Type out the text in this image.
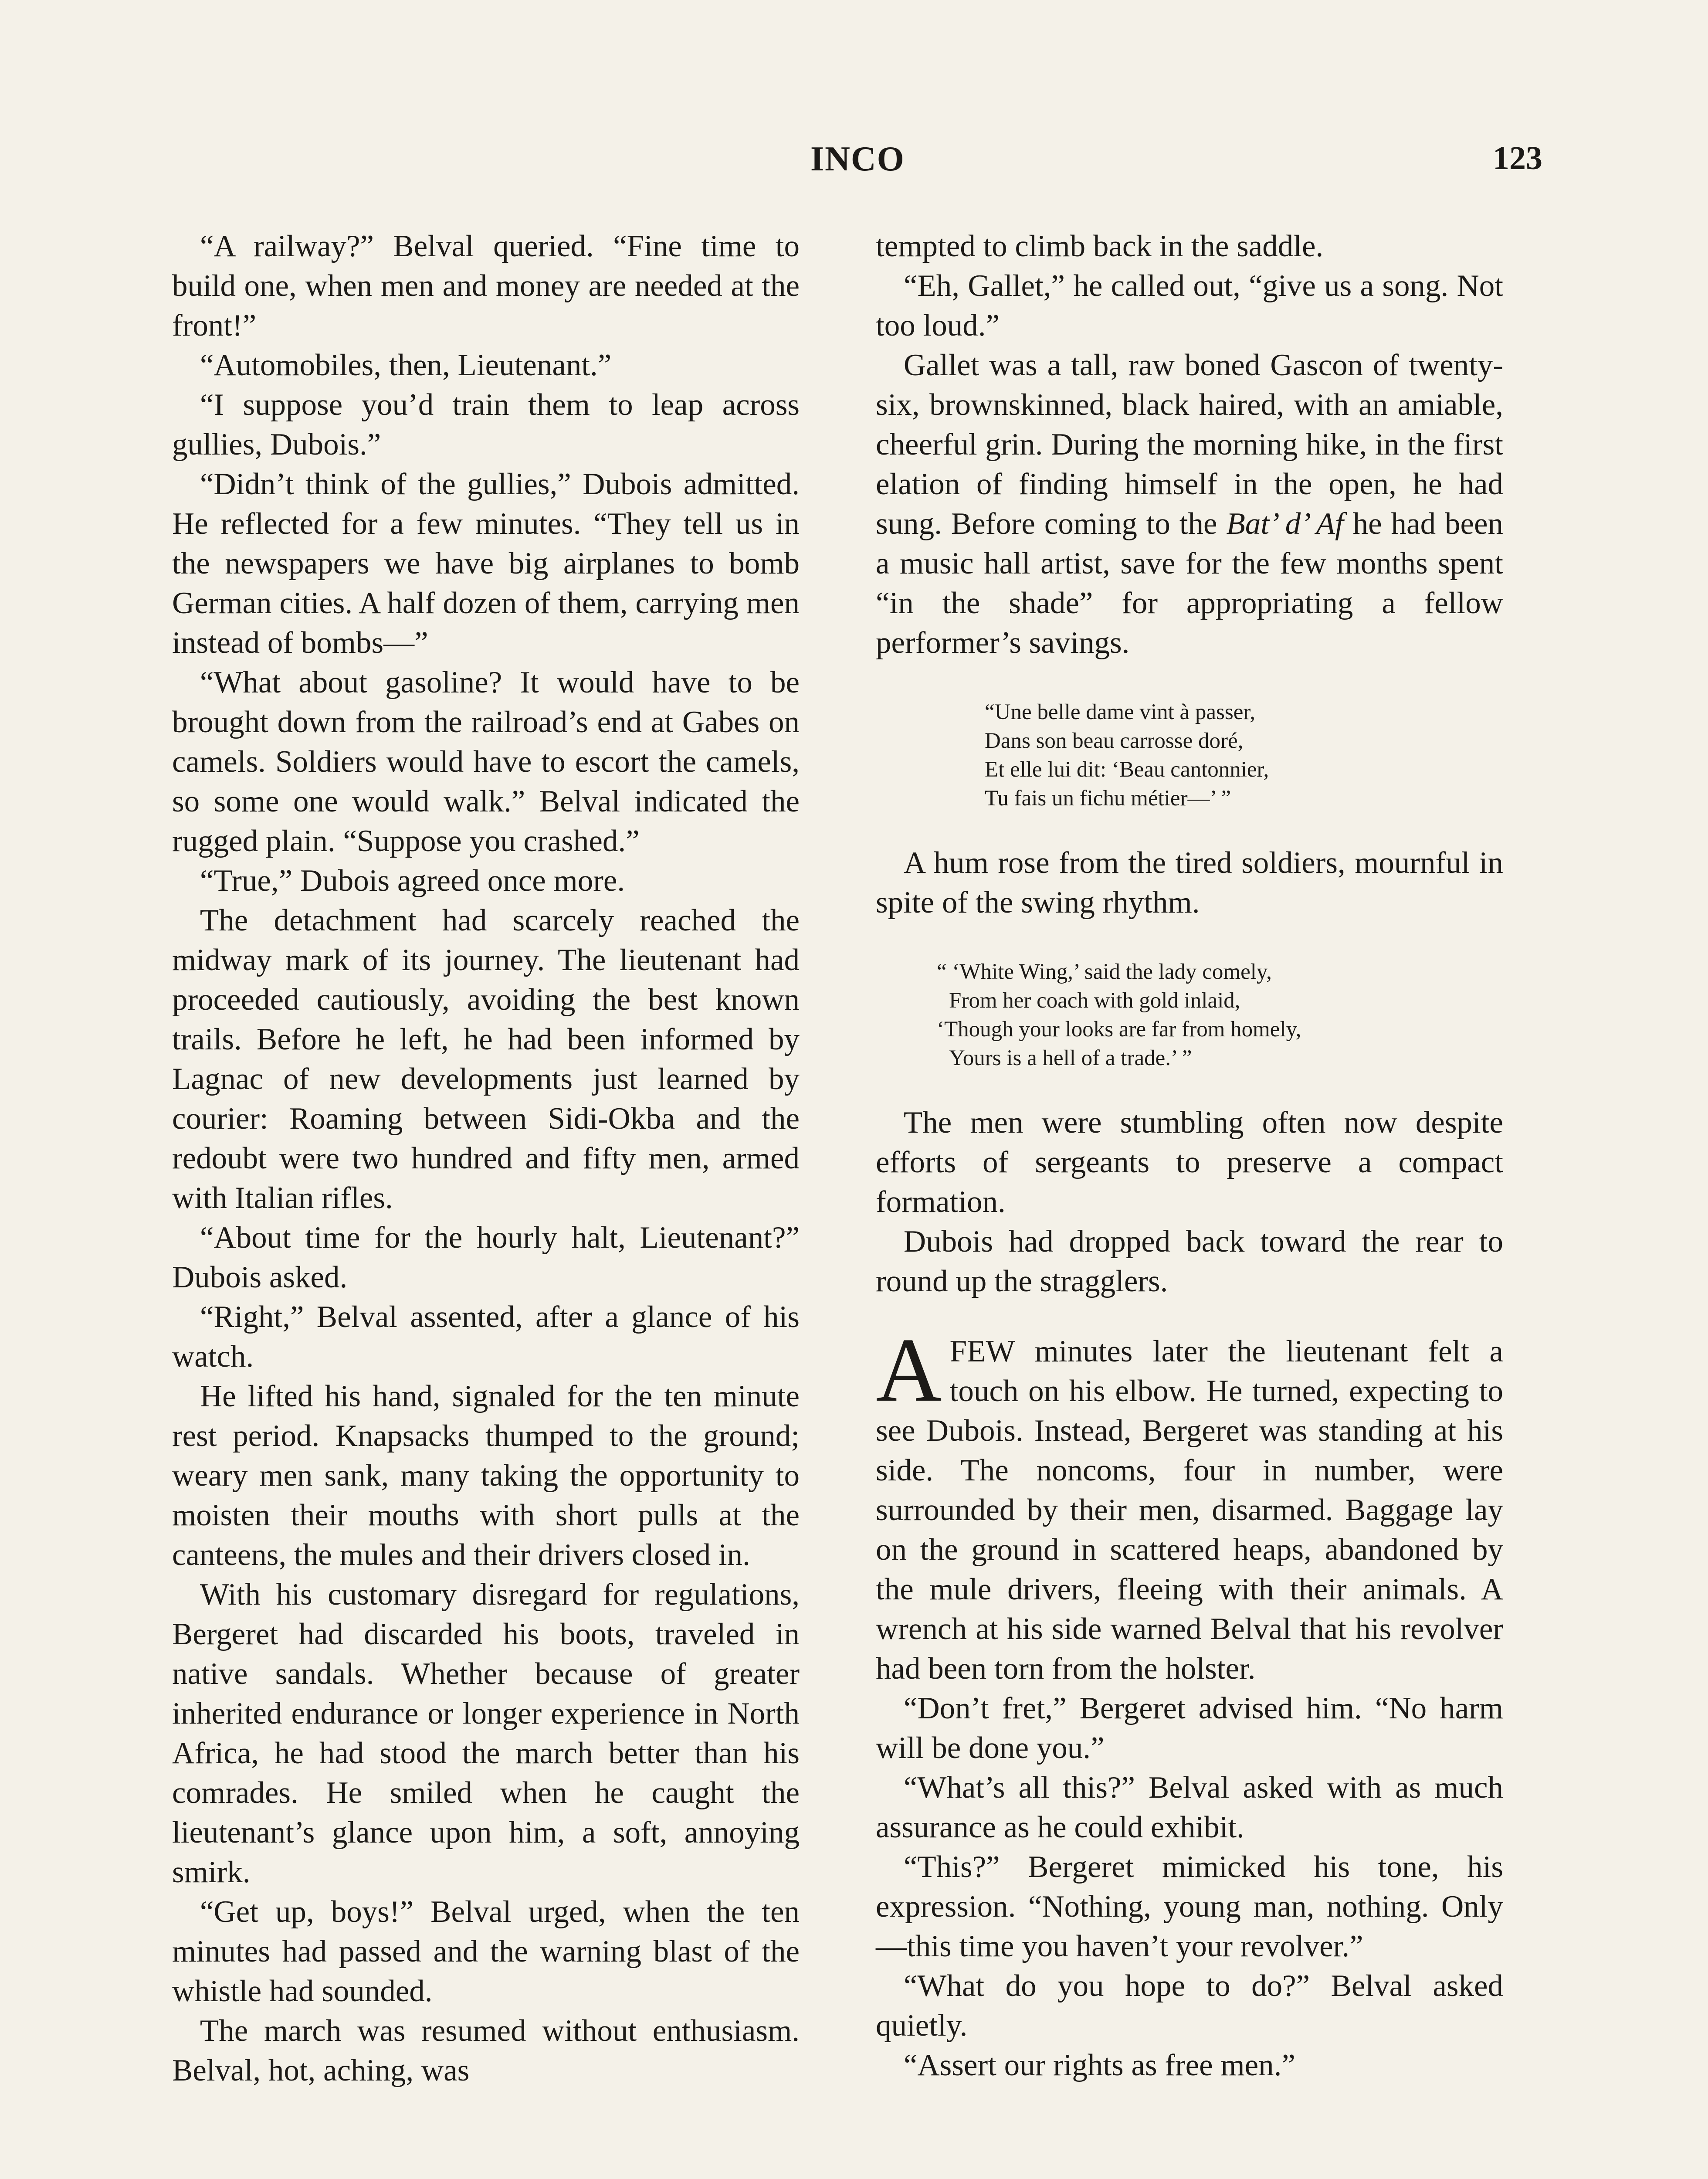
INCO	123

“A railway?” Belval queried. “Fine time to build one, when men and money are needed at the front!”

“Automobiles, then, Lieutenant.”

“I suppose you’d train them to leap across gullies, Dubois.”

“Didn’t think of the gullies,” Dubois admitted. He reflected for a few minutes. “They tell us in the newspapers we have big airplanes to bomb German cities. A half dozen of them, carrying men instead of bombs—”

“What about gasoline? It would have to be brought down from the railroad’s end at Gabes on camels. Soldiers would have to escort the camels, so some one would walk.” Belval indicated the rugged plain. “Suppose you crashed.”

“True,” Dubois agreed once more.

The detachment had scarcely reached the midway mark of its journey. The lieutenant had proceeded cautiously, avoiding the best known trails. Before he left, he had been informed by Lagnac of new developments just learned by courier: Roaming between Sidi-Okba and the redoubt were two hundred and fifty men, armed with Italian rifles.

“About time for the hourly halt, Lieutenant?” Dubois asked.

“Right,” Belval assented, after a glance of his watch.

He lifted his hand, signaled for the ten minute rest period. Knapsacks thumped to the ground; weary men sank, many taking the opportunity to moisten their mouths with short pulls at the canteens, the mules and their drivers closed in.

With his customary disregard for regulations, Bergeret had discarded his boots, traveled in native sandals. Whether because of greater inherited endurance or longer experience in North Africa, he had stood the march better than his comrades. He smiled when he caught the lieutenant’s glance upon him, a soft, annoying smirk.

“Get up, boys!” Belval urged, when the ten minutes had passed and the warning blast of the whistle had sounded.

The march was resumed without enthusiasm. Belval, hot, aching, was

tempted to climb back in the saddle.

“Eh, Gallet,” he called out, “give us a song. Not too loud.”

Gallet was a tall, raw boned Gascon of twenty-six, brownskinned, black haired, with an amiable, cheerful grin. During the morning hike, in the first elation of finding himself in the open, he had sung. Before coming to the Bat’ d’ Af he had been a music hall artist, save for the few months spent “in the shade” for appropriating a fellow performer’s savings.

“Une belle dame vint à passer,
Dans son beau carrosse doré,
Et elle lui dit: ‘Beau cantonnier,
Tu fais un fichu métier—’ ”

A hum rose from the tired soldiers, mournful in spite of the swing rhythm.

“ ‘White Wing,’ said the lady comely,
From her coach with gold inlaid,
‘Though your looks are far from homely,
Yours is a hell of a trade.’ ”

The men were stumbling often now despite efforts of sergeants to preserve a compact formation.

Dubois had dropped back toward the rear to round up the stragglers.

AFEW minutes later the lieutenant felt a touch on his elbow. He turned, expecting to see Dubois. Instead, Bergeret was standing at his side. The noncoms, four in number, were surrounded by their men, disarmed. Baggage lay on the ground in scattered heaps, abandoned by the mule drivers, fleeing with their animals. A wrench at his side warned Belval that his revolver had been torn from the holster.

“Don’t fret,” Bergeret advised him. “No harm will be done you.”

“What’s all this?” Belval asked with as much assurance as he could exhibit.

“This?” Bergeret mimicked his tone, his expression. “Nothing, young man, nothing. Only—this time you haven’t your revolver.”

“What do you hope to do?” Belval asked quietly.

“Assert our rights as free men.”
